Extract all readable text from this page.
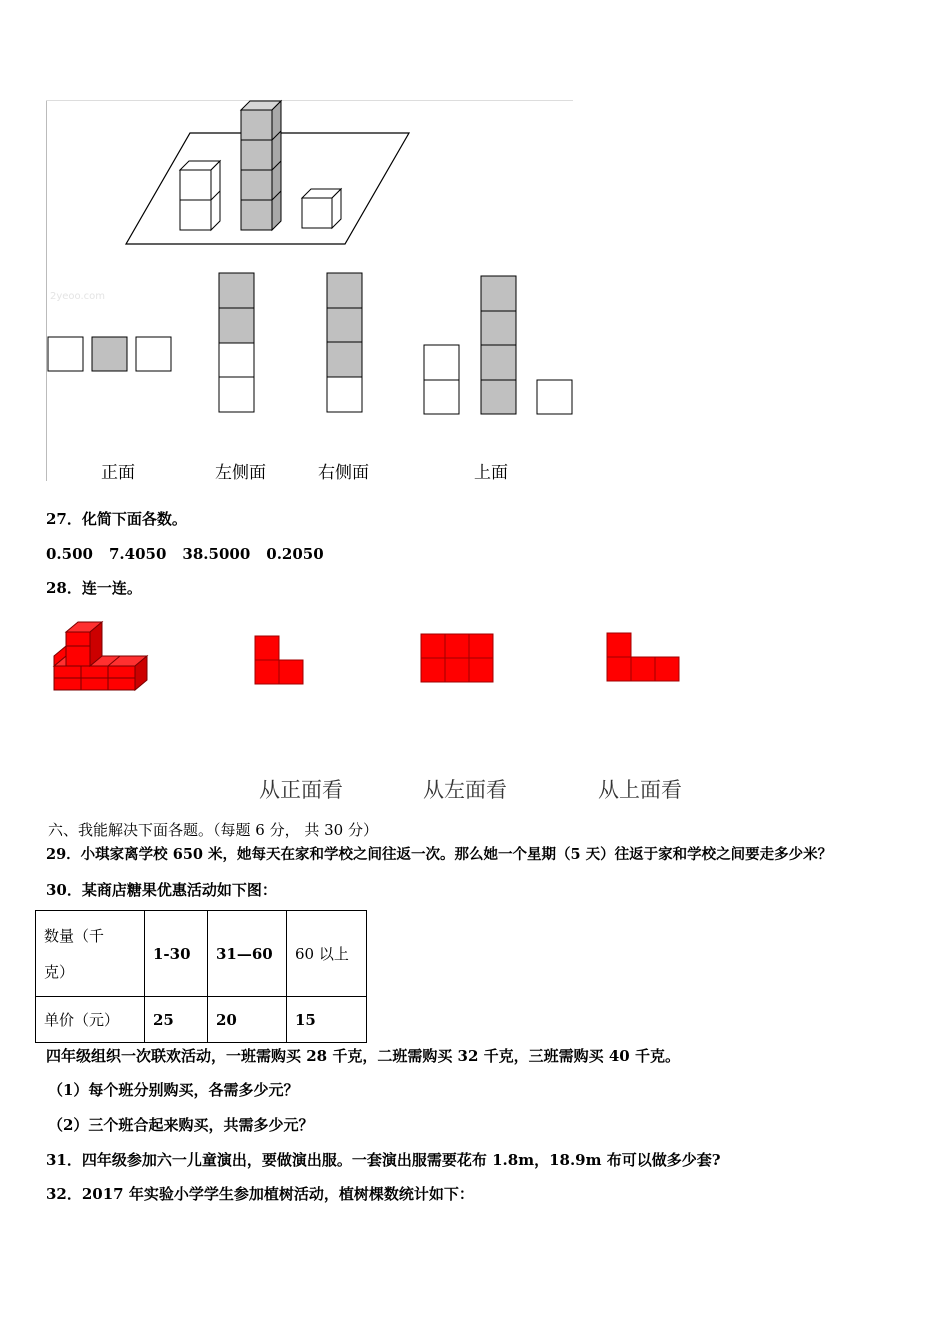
2yeoo.com
正面	左侧面	右侧面	上面
27．化简下面各数。
0.500 7.4050 38.5000 0.2050
28．连一连。
从正面看	从左面看	从上面看
六、我能解决下面各题。（每题 6 分， 共 30 分）
29．小琪家离学校 650 米，她每天在家和学校之间往返一次。那么她一个星期（5 天）往返于家和学校之间要走多少米？
30．某商店糖果优惠活动如下图：
数量（千
克）	1-30	31—60	60 以上
单价（元）	25	20	15
四年级组织一次联欢活动，一班需购买 28 千克，二班需购买 32 千克，三班需购买 40 千克。
（1）每个班分别购买，各需多少元？
（2）三个班合起来购买，共需多少元？
31．四年级参加六一儿童演出，要做演出服。一套演出服需要花布 1.8m，18.9m 布可以做多少套?
32．2017 年实验小学学生参加植树活动，植树棵数统计如下：
